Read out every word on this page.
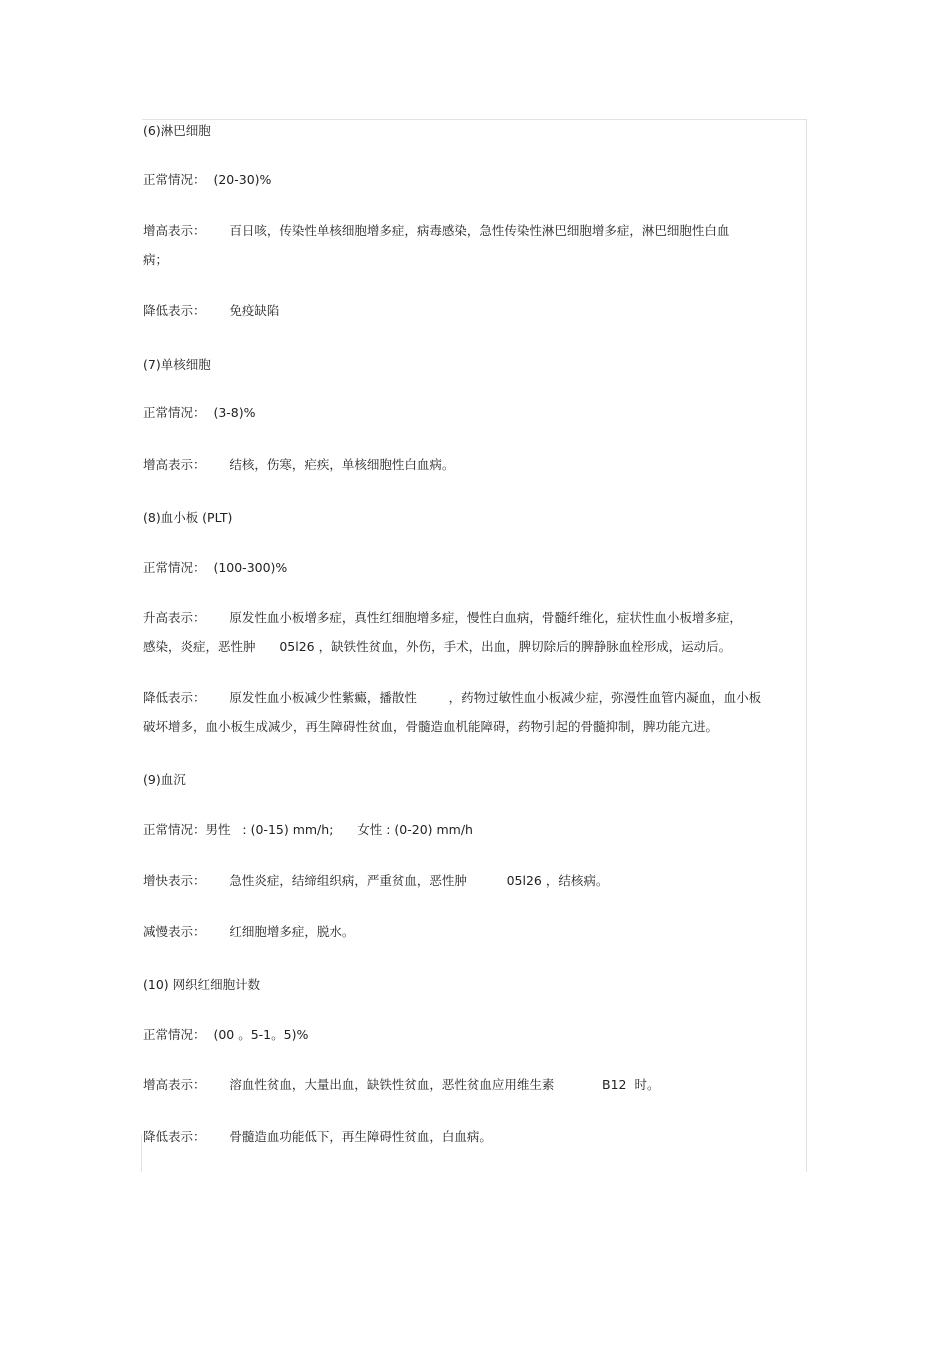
(6)淋巴细胞

正常情况：  (20-30)%

增高表示：      百日咳，传染性单核细胞增多症，病毒感染，急性传染性淋巴细胞增多症，淋巴细胞性白血

病；

降低表示：      免疫缺陷

(7)单核细胞

正常情况：  (3-8)%

增高表示：      结核，伤寒，疟疾，单核细胞性白血病。

(8)血小板 (PLT)

正常情况：  (100-300)%

升高表示：      原发性血小板增多症，真性红细胞增多症，慢性白血病，骨髓纤维化，症状性血小板增多症，

感染，炎症，恶性肿      05l26 ，缺铁性贫血，外伤，手术，出血，脾切除后的脾静脉血栓形成，运动后。

降低表示：      原发性血小板减少性紫癜，播散性        ，药物过敏性血小板减少症，弥漫性血管内凝血，血小板

破坏增多，血小板生成减少，再生障碍性贫血，骨髓造血机能障碍，药物引起的骨髓抑制，脾功能亢进。

(9)血沉

正常情况：男性   : (0-15) mm/h;      女性 : (0-20) mm/h

增快表示：      急性炎症，结缔组织病，严重贫血，恶性肿          05l26 ，结核病。

减慢表示：      红细胞增多症，脱水。

(10) 网织红细胞计数

正常情况：  (00 。5-1。5)%

增高表示：      溶血性贫血，大量出血，缺铁性贫血，恶性贫血应用维生素            B12  时。

降低表示：      骨髓造血功能低下，再生障碍性贫血，白血病。
